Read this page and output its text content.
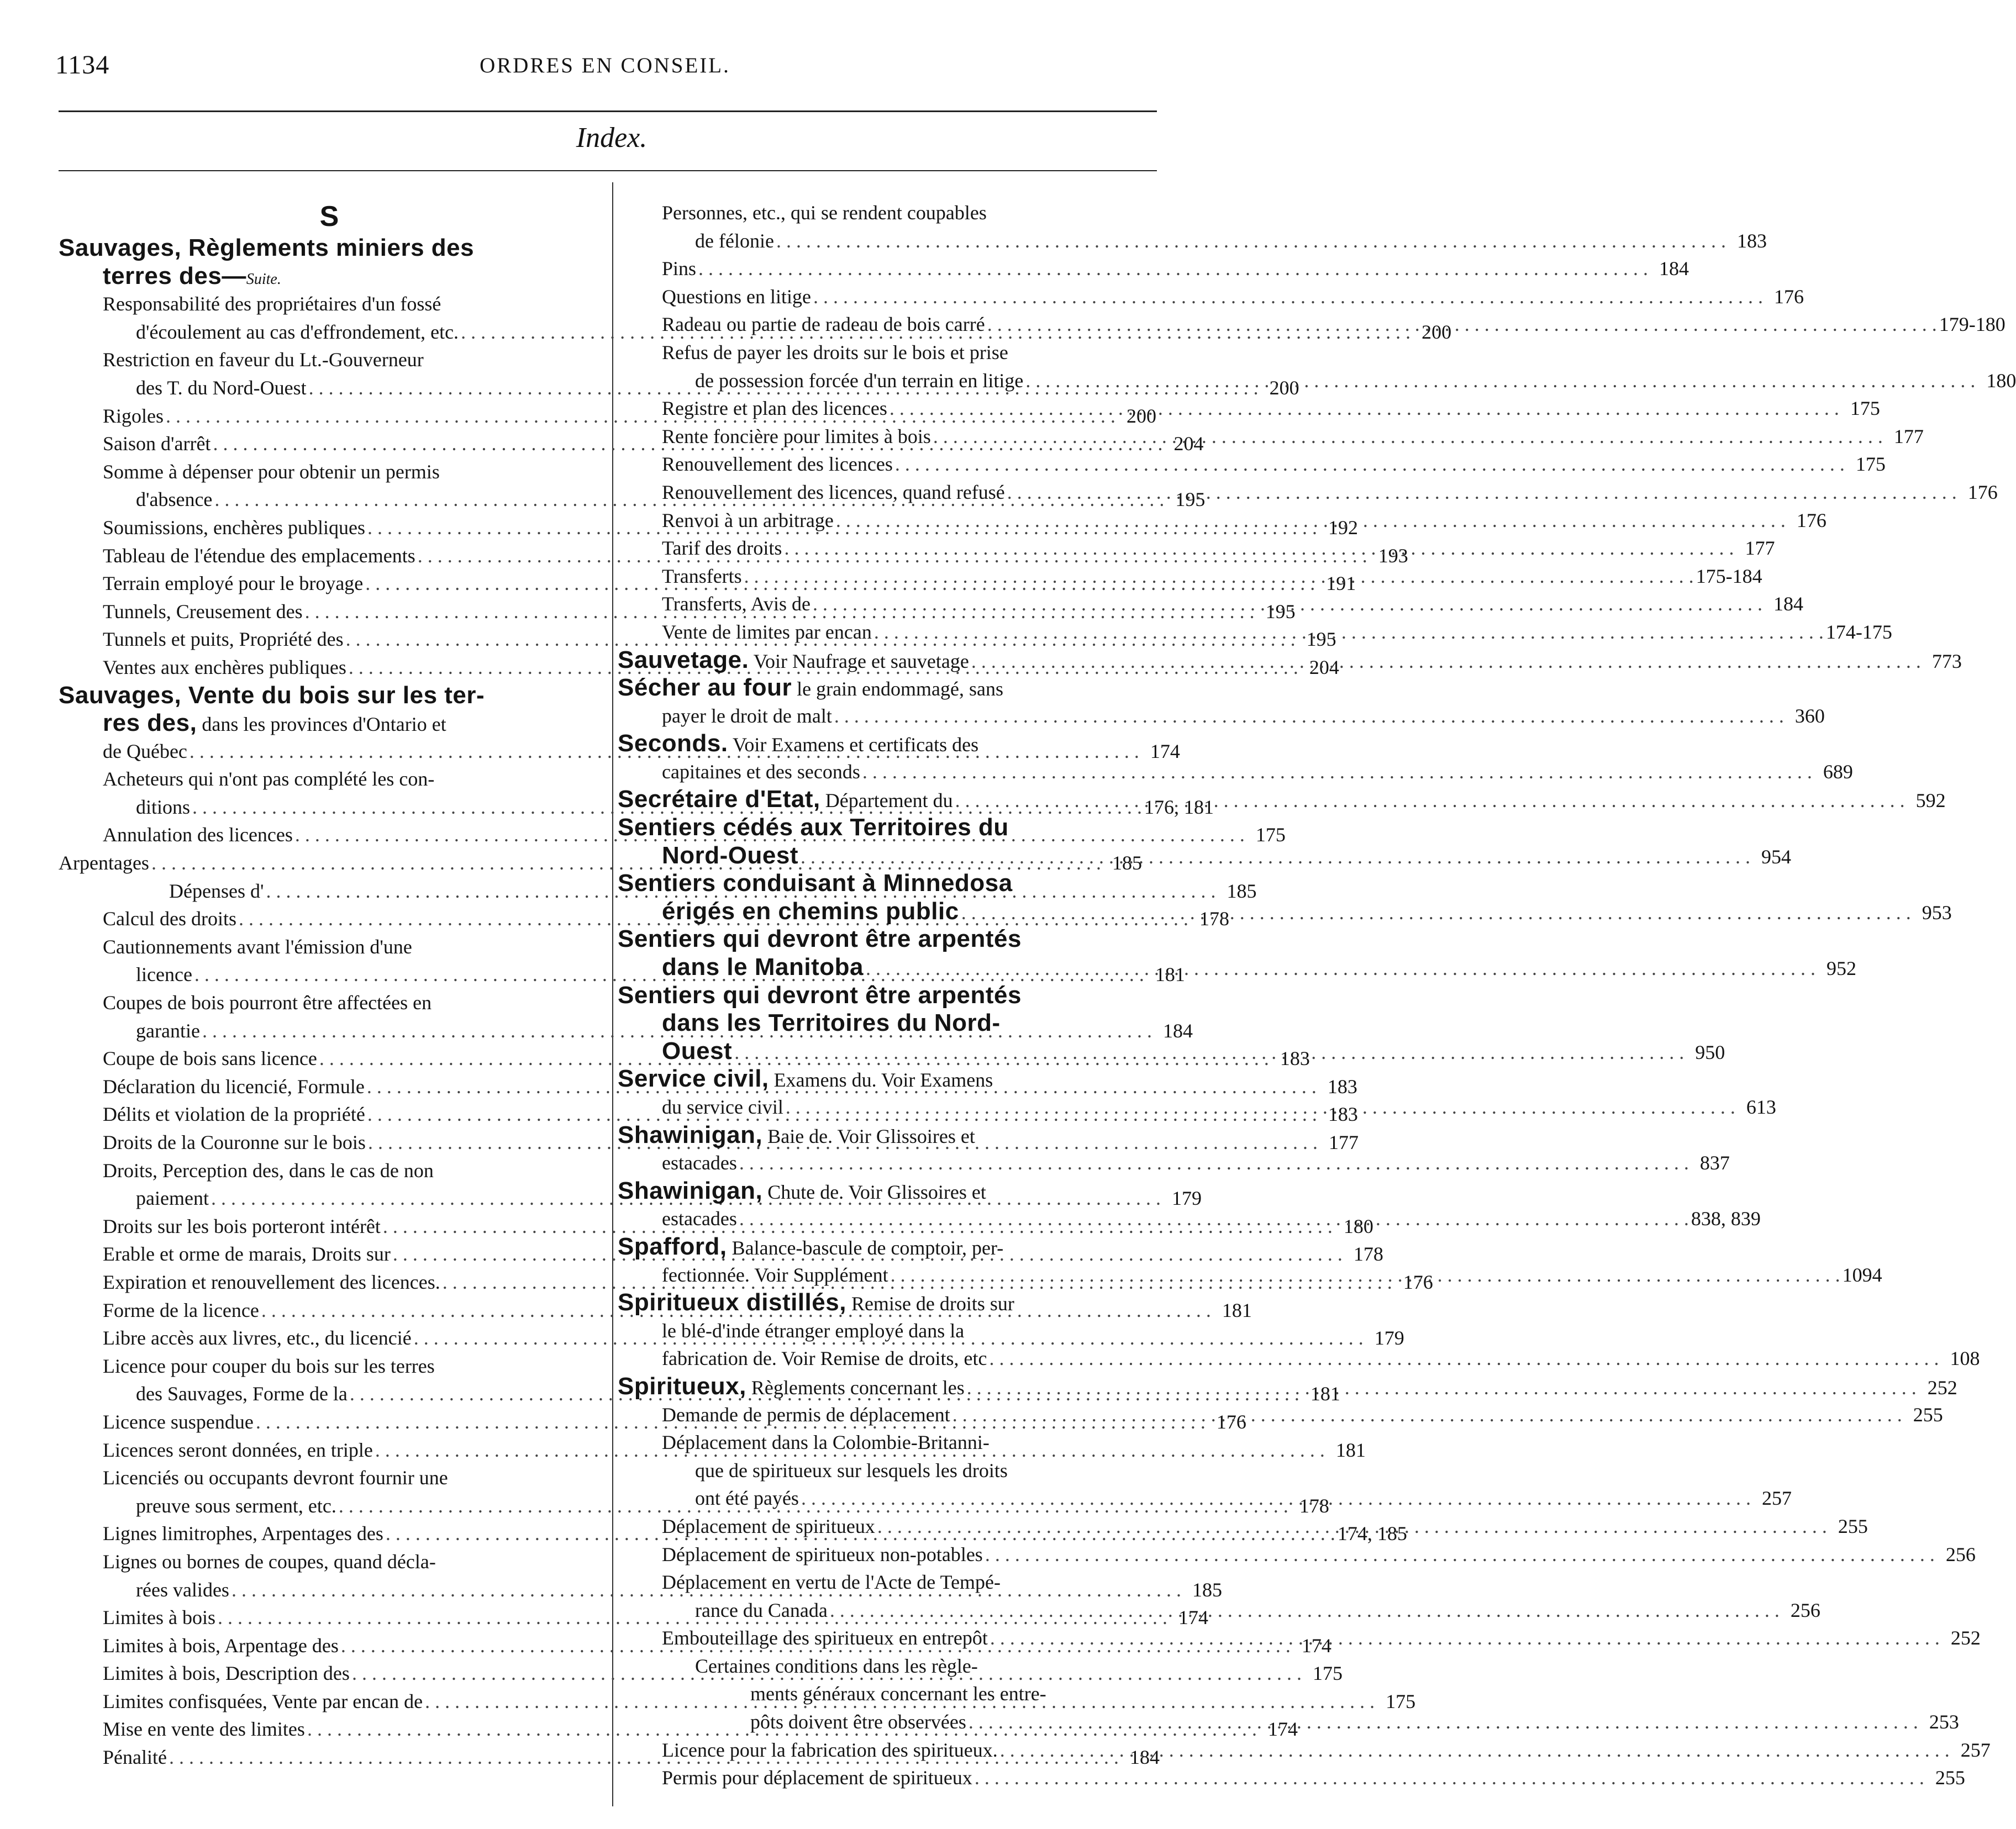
1134	ORDRES EN CONSEIL.
Index.
S
Sauvages, Règlements miniers des
terres des—Suite.
Responsabilité des propriétaires d'un fossé
d'écoulement au cas d'effrondement, etc. . . .	200
Restriction en faveur du Lt.-Gouverneur
des T. du Nord-Ouest . . .	200
Rigoles . . .	200
Saison d'arrêt . . .	204
Somme à dépenser pour obtenir un permis
d'absence . . .	195
Soumissions, enchères publiques . . .	192
Tableau de l'étendue des emplacements . . .	193
Terrain employé pour le broyage . . .	191
Tunnels, Creusement des . . .	195
Tunnels et puits, Propriété des . . .	195
Ventes aux enchères publiques . . .	204
Sauvages, Vente du bois sur les ter-
res des, dans les provinces d'Ontario et
de Québec . . .	174
Acheteurs qui n'ont pas complété les con-
ditions . . .	176, 181
Annulation des licences . . .	175
Arpentages . . .	185
Dépenses d' . . .	185
Calcul des droits . . .	178
Cautionnements avant l'émission d'une
licence . . .	181
Coupes de bois pourront être affectées en
garantie . . .	184
Coupe de bois sans licence . . .	183
Déclaration du licencié, Formule . . .	183
Délits et violation de la propriété . . .	183
Droits de la Couronne sur le bois . . .	177
Droits, Perception des, dans le cas de non
paiement . . .	179
Droits sur les bois porteront intérêt . . .	180
Erable et orme de marais, Droits sur . . .	178
Expiration et renouvellement des licences. . . .	176
Forme de la licence . . .	181
Libre accès aux livres, etc., du licencié . . .	179
Licence pour couper du bois sur les terres
des Sauvages, Forme de la . . .	181
Licence suspendue . . .	176
Licences seront données, en triple . . .	181
Licenciés ou occupants devront fournir une
preuve sous serment, etc. . . .	178
Lignes limitrophes, Arpentages des . . .	174, 185
Lignes ou bornes de coupes, quand décla-
rées valides . . .	185
Limites à bois . . .	174
Limites à bois, Arpentage des . . .	174
Limites à bois, Description des . . .	175
Limites confisquées, Vente par encan de . . .	175
Mise en vente des limites . . .	174
Pénalité . . .	184
Personnes, etc., qui se rendent coupables
de félonie . . .	183
Pins . . .	184
Questions en litige . . .	176
Radeau ou partie de radeau de bois carré . . .	179-180
Refus de payer les droits sur le bois et prise
de possession forcée d'un terrain en litige . . .	180
Registre et plan des licences . . .	175
Rente foncière pour limites à bois . . .	177
Renouvellement des licences . . .	175
Renouvellement des licences, quand refusé . . .	176
Renvoi à un arbitrage . . .	176
Tarif des droits . . .	177
Transferts . . .	175-184
Transferts, Avis de . . .	184
Vente de limites par encan . . .	174-175
Sauvetage. Voir Naufrage et sauvetage . . .	773
Sécher au four le grain endommagé, sans
payer le droit de malt . . .	360
Seconds. Voir Examens et certificats des
capitaines et des seconds . . .	689
Secrétaire d'Etat, Département du . . .	592
Sentiers cédés aux Territoires du
Nord-Ouest . . .	954
Sentiers conduisant à Minnedosa
érigés en chemins public . . .	953
Sentiers qui devront être arpentés
dans le Manitoba . . .	952
Sentiers qui devront être arpentés
dans les Territoires du Nord-
Ouest . . .	950
Service civil, Examens du. Voir Examens
du service civil . . .	613
Shawinigan, Baie de. Voir Glissoires et
estacades . . .	837
Shawinigan, Chute de. Voir Glissoires et
estacades . . .	838, 839
Spafford, Balance-bascule de comptoir, per-
fectionnée. Voir Supplément . . .	1094
Spiritueux distillés, Remise de droits sur
le blé-d'inde étranger employé dans la
fabrication de. Voir Remise de droits, etc . . .	108
Spiritueux, Règlements concernant les . . .	252
Demande de permis de déplacement . . .	255
Déplacement dans la Colombie-Britanni-
que de spiritueux sur lesquels les droits
ont été payés . . .	257
Déplacement de spiritueux . . .	255
Déplacement de spiritueux non-potables . . .	256
Déplacement en vertu de l'Acte de Tempé-
rance du Canada . . .	256
Embouteillage des spiritueux en entrepôt . . .	252
Certaines conditions dans les règle-
ments généraux concernant les entre-
pôts doivent être observées . . .	253
Licence pour la fabrication des spiritueux. . . .	257
Permis pour déplacement de spiritueux . . .	255
